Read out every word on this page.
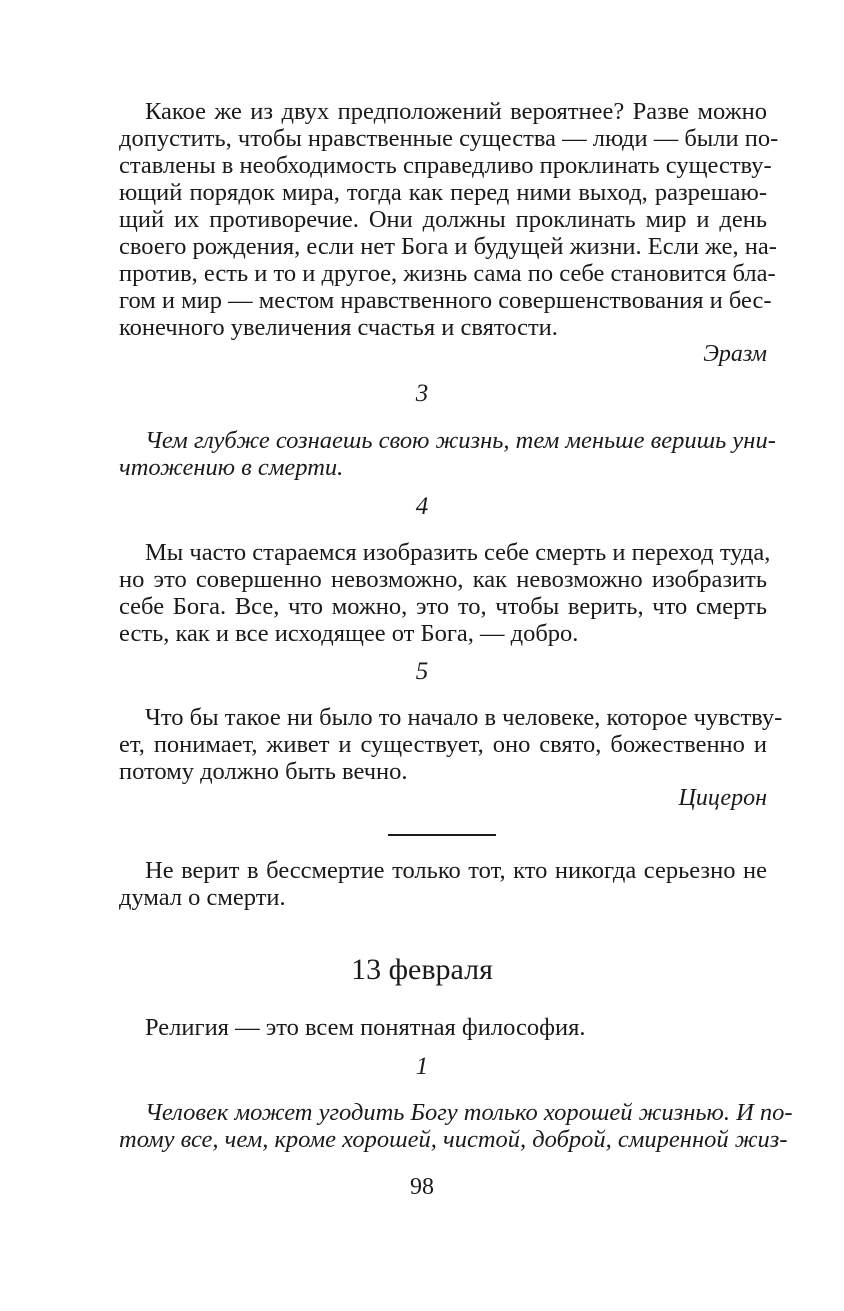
Какое же из двух предположений вероятнее? Разве можно
допустить, чтобы нравственные существа — люди — были по-
ставлены в необходимость справедливо проклинать существу-
ющий порядок мира, тогда как перед ними выход, разрешаю-
щий их противоречие. Они должны проклинать мир и день
своего рождения, если нет Бога и будущей жизни. Если же, на-
против, есть и то и другое, жизнь сама по себе становится бла-
гом и мир — местом нравственного совершенствования и бес-
конечного увеличения счастья и святости.
Эразм
3
Чем глубже сознаешь свою жизнь, тем меньше веришь уни-
чтожению в смерти.
4
Мы часто стараемся изобразить себе смерть и переход туда,
но это совершенно невозможно, как невозможно изобразить
себе Бога. Все, что можно, это то, чтобы верить, что смерть
есть, как и все исходящее от Бога, — добро.
5
Что бы такое ни было то начало в человеке, которое чувству-
ет, понимает, живет и существует, оно свято, божественно и
потому должно быть вечно.
Цицерон
Не верит в бессмертие только тот, кто никогда серьезно не
думал о смерти.
13 февраля
Религия — это всем понятная философия.
1
Человек может угодить Богу только хорошей жизнью. И по-
тому все, чем, кроме хорошей, чистой, доброй, смиренной жиз-
98
